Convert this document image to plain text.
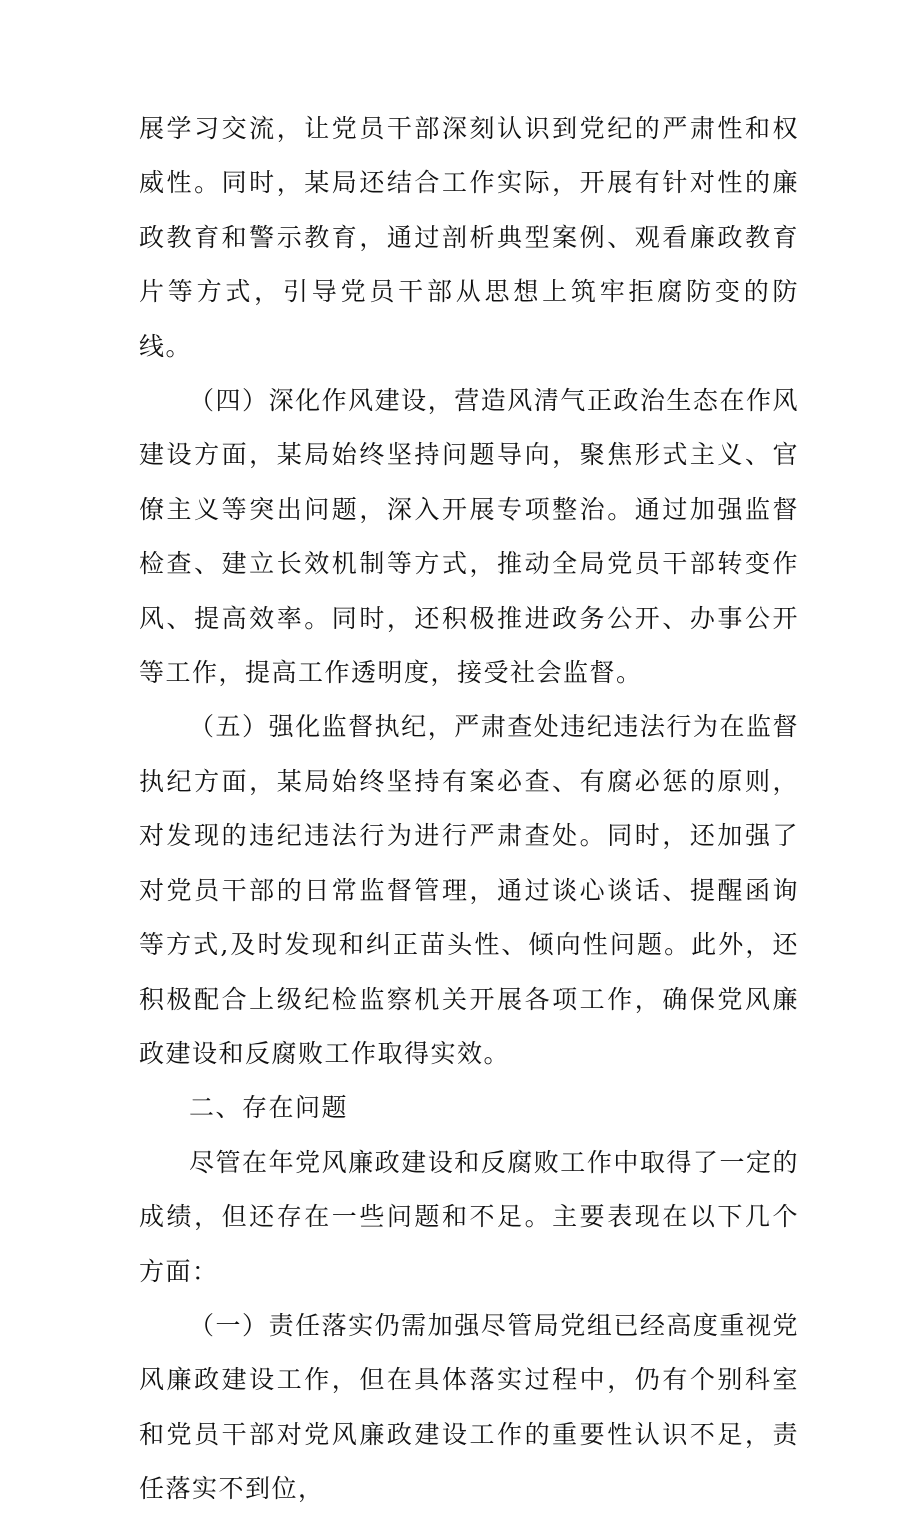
展学习交流，让党员干部深刻认识到党纪的严肃性和权威性。同时，某局还结合工作实际，开展有针对性的廉政教育和警示教育，通过剖析典型案例、观看廉政教育片等方式，引导党员干部从思想上筑牢拒腐防变的防线。

（四）深化作风建设，营造风清气正政治生态在作风建设方面，某局始终坚持问题导向，聚焦形式主义、官僚主义等突出问题，深入开展专项整治。通过加强监督检查、建立长效机制等方式，推动全局党员干部转变作风、提高效率。同时，还积极推进政务公开、办事公开等工作，提高工作透明度，接受社会监督。

（五）强化监督执纪，严肃查处违纪违法行为在监督执纪方面，某局始终坚持有案必查、有腐必惩的原则，对发现的违纪违法行为进行严肃查处。同时，还加强了对党员干部的日常监督管理，通过谈心谈话、提醒函询等方式,及时发现和纠正苗头性、倾向性问题。此外，还积极配合上级纪检监察机关开展各项工作，确保党风廉政建设和反腐败工作取得实效。

二、存在问题

尽管在年党风廉政建设和反腐败工作中取得了一定的成绩，但还存在一些问题和不足。主要表现在以下几个方面：

（一）责任落实仍需加强尽管局党组已经高度重视党风廉政建设工作，但在具体落实过程中，仍有个别科室和党员干部对党风廉政建设工作的重要性认识不足，责任落实不到位，
